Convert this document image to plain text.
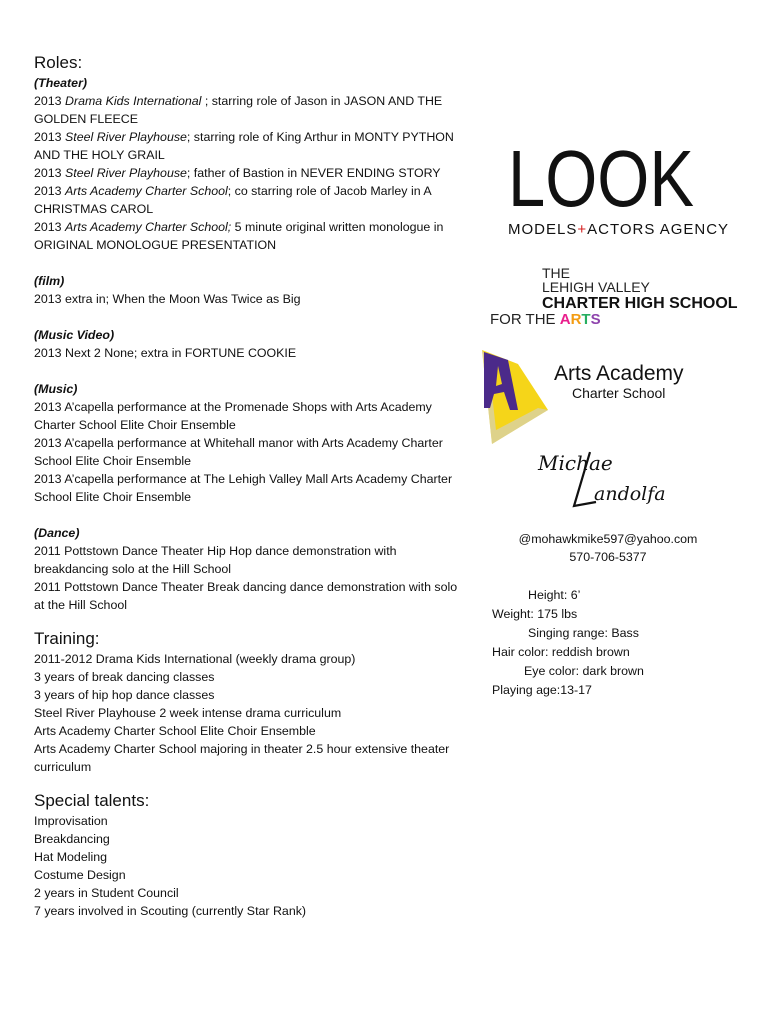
Roles:

(Theater)

2013 Drama Kids International ; starring role of Jason in JASON AND THE GOLDEN FLEECE

2013 Steel River Playhouse; starring role of King Arthur in MONTY PYTHON AND THE HOLY GRAIL

2013 Steel River Playhouse; father of Bastion in NEVER ENDING STORY

2013 Arts Academy Charter School; co starring role of Jacob Marley in A CHRISTMAS CAROL

2013 Arts Academy Charter School; 5 minute original written monologue in ORIGINAL MONOLOGUE PRESENTATION

(film)

2013 extra in; When the Moon Was Twice as Big

(Music Video)

2013 Next 2 None; extra in FORTUNE COOKIE

(Music)

2013 A’capella performance at the Promenade Shops with Arts Academy Charter School Elite Choir Ensemble

2013 A’capella performance at Whitehall manor with Arts Academy Charter School Elite Choir Ensemble

2013 A’capella performance at The Lehigh Valley Mall Arts Academy Charter School Elite Choir Ensemble

(Dance)

2011 Pottstown Dance Theater Hip Hop dance demonstration with breakdancing solo at the Hill School

2011 Pottstown Dance Theater Break dancing dance demonstration with solo at the Hill School

Training:

2011-2012 Drama Kids International (weekly drama group)

3 years of break dancing classes

3 years of hip hop dance classes

Steel River Playhouse 2 week intense drama curriculum

Arts Academy Charter School Elite Choir Ensemble

Arts Academy Charter School majoring in theater 2.5 hour extensive theater curriculum

Special talents:

Improvisation

Breakdancing

Hat Modeling

Costume Design

2 years in Student Council

7 years involved in Scouting (currently Star Rank)

LOOK
MODELS+ACTORS AGENCY
THE
LEHIGH VALLEY
CHARTER HIGH SCHOOL
FOR THE ARTS
Arts Academy
Charter School
Michae
andolfa
@mohawkmike597@yahoo.com
570-706-5377
Height: 6’
Weight: 175 lbs
Singing range: Bass
Hair color: reddish brown
Eye color: dark brown
Playing age:13-17
